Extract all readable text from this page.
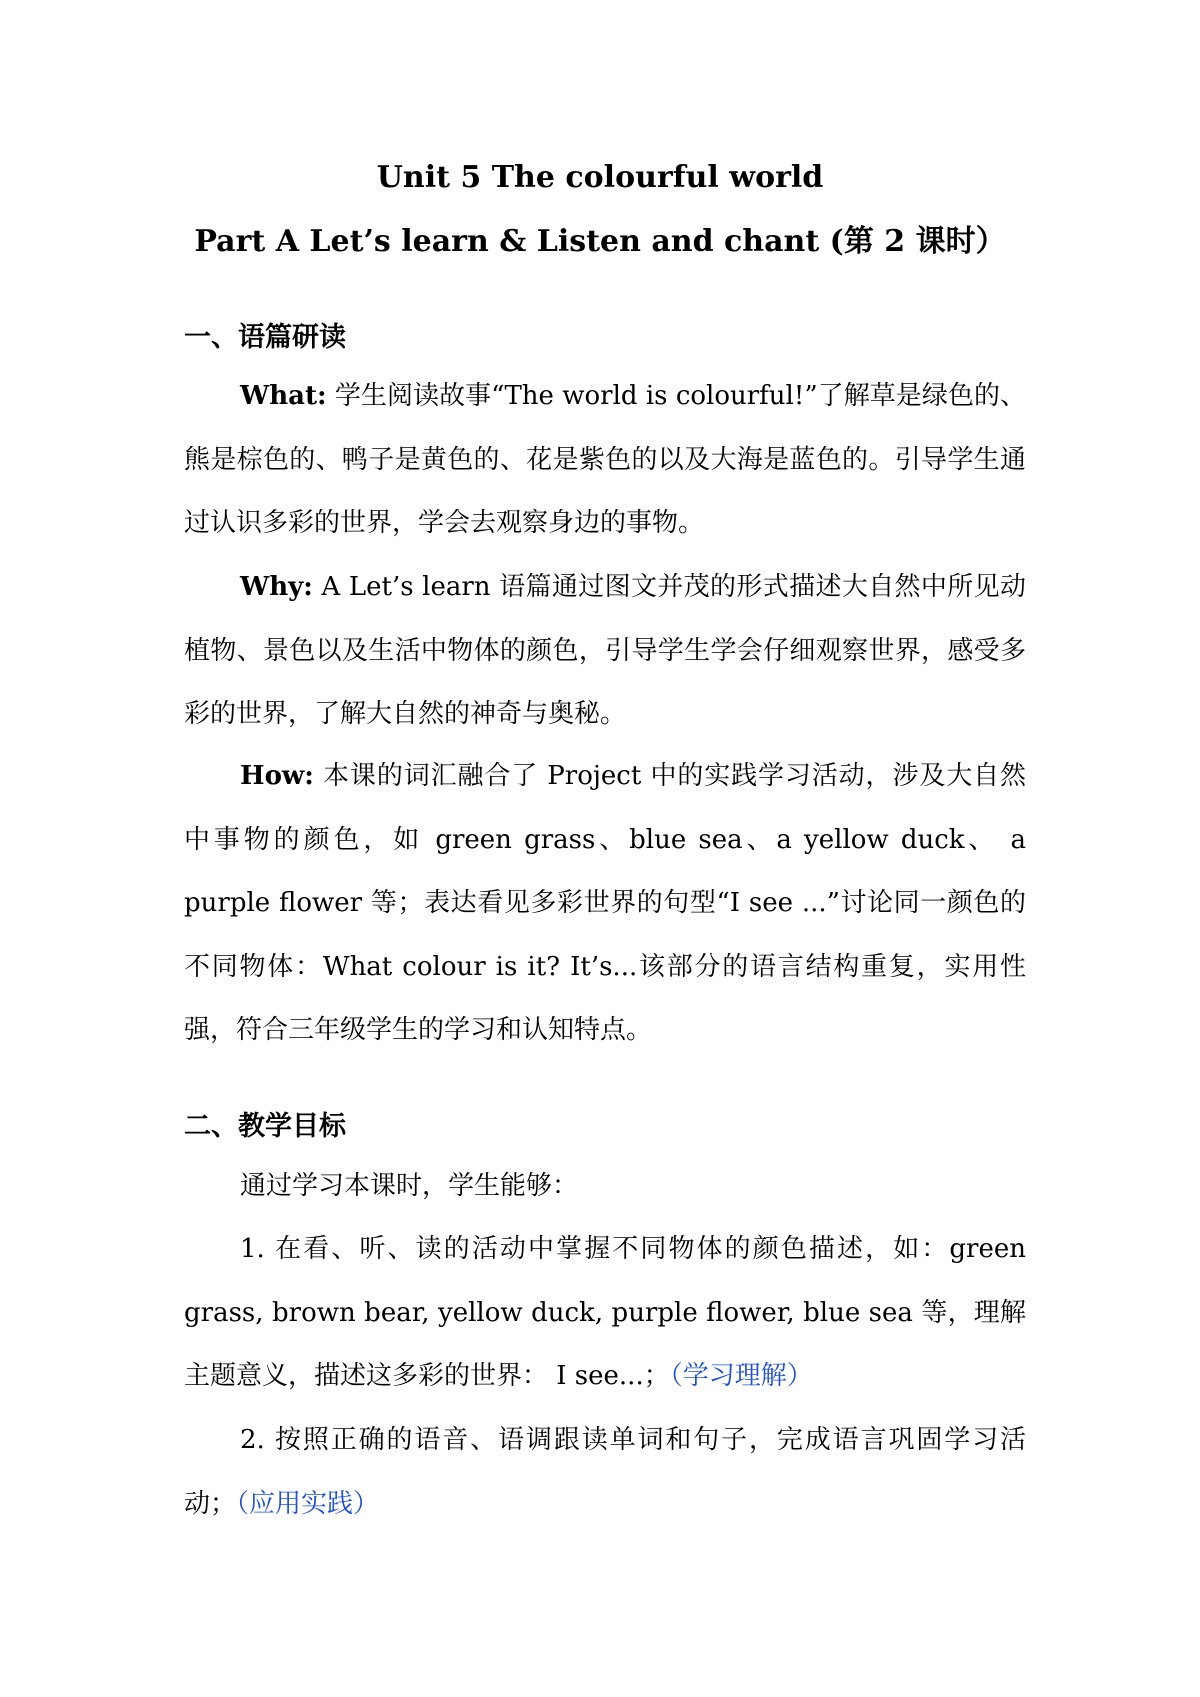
Unit 5 The colourful world
Part A Let’s learn & Listen and chant (第 2 课时）
一、语篇研读

What: 学生阅读故事“The world is colourful!”了解草是绿色的、熊是棕色的、鸭子是黄色的、花是紫色的以及大海是蓝色的。引导学生通过认识多彩的世界，学会去观察身边的事物。

Why: A Let’s learn 语篇通过图文并茂的形式描述大自然中所见动植物、景色以及生活中物体的颜色，引导学生学会仔细观察世界，感受多彩的世界，了解大自然的神奇与奥秘。

How: 本课的词汇融合了 Project 中的实践学习活动，涉及大自然中事物的颜色，如 green grass、blue sea、a yellow duck、 a purple flower 等；表达看见多彩世界的句型“I see ...”讨论同一颜色的不同物体：What colour is it? It’s...该部分的语言结构重复，实用性强，符合三年级学生的学习和认知特点。

二、教学目标

通过学习本课时，学生能够：

1. 在看、听、读的活动中掌握不同物体的颜色描述，如：green grass, brown bear, yellow duck, purple flower, blue sea 等，理解主题意义，描述这多彩的世界： I see...；（学习理解）

2. 按照正确的语音、语调跟读单词和句子，完成语言巩固学习活动；（应用实践）
